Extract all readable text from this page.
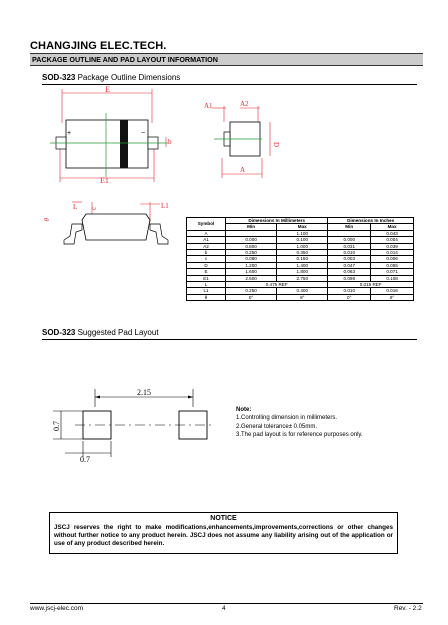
CHANGJING ELEC.TECH.
PACKAGE OUTLINE AND PAD LAYOUT INFORMATION
SOD-323 Package Outline Dimensions
E
E1
b
+	−
A1	A2
A
D
θ
L	L1
c
Symbol	Dimensions In Millimeters		Dimensions In Inches	
	Min	Max	Min	Max
A		1.100		0.043
A1	0.000	0.100	0.000	0.004
A2	0.800	1.000	0.031	0.039
b	0.250	0.350	0.010	0.014
c	0.080	0.150	0.003	0.006
D	1.200	1.400	0.047	0.055
E	1.600	1.800	0.063	0.071
E1	2.500	2.750	0.098	0.108
L	0.475 REF		0.019 REF	
L1	0.250	0.400	0.010	0.016
θ	0°	8°	0°	8°
SOD-323 Suggested Pad Layout
2.15
0.7
0.7
Note:
1.Controlling dimension in millimeters.
2.General tolerance± 0.05mm.
3.The pad layout is for reference purposes only.
NOTICE
JSCJ reserves the right to make modifications,enhancements,improvements,corrections or other changes without further notice to any product herein. JSCJ does not assume any liability arising out of the application or use of any product described herein.
www.jscj-elec.com	4	Rev. - 2.2
